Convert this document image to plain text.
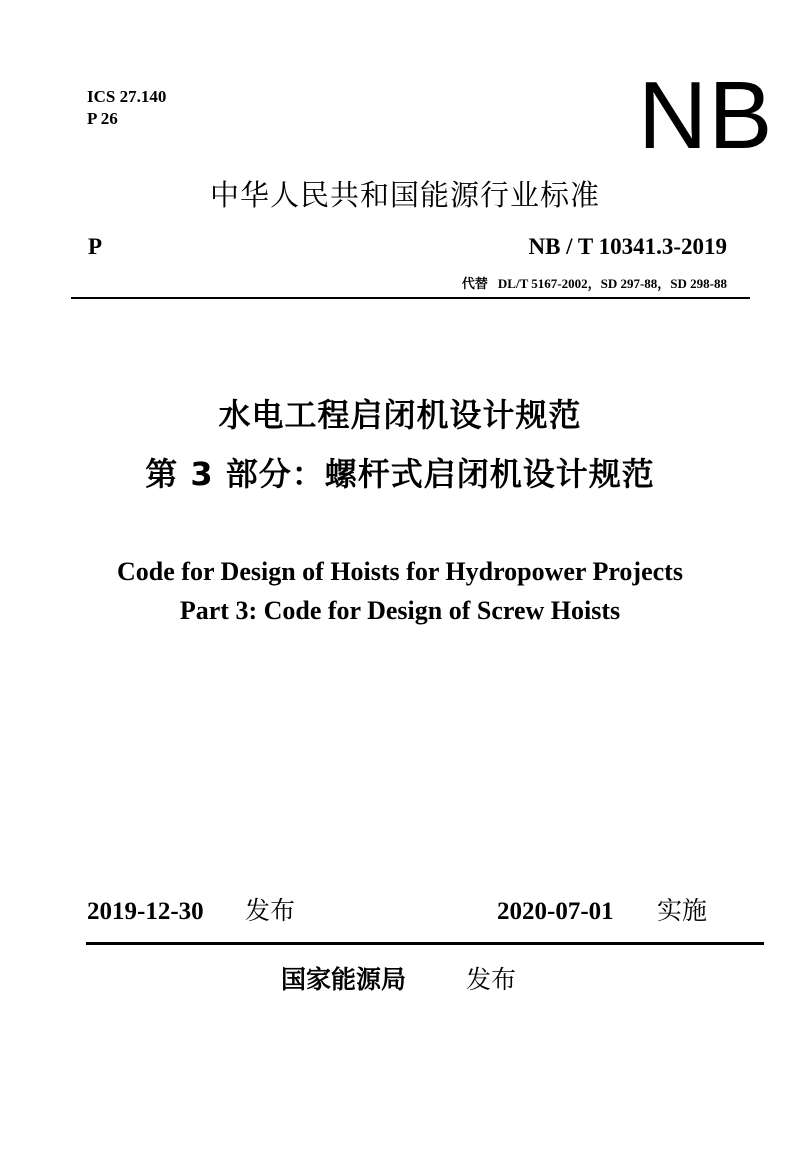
ICS 27.140
P 26	NB
中华人民共和国能源行业标准
P	NB / T 10341.3-2019
代替 DL/T 5167-2002，SD 297-88，SD 298-88
水电工程启闭机设计规范
第 3 部分：螺杆式启闭机设计规范
Code for Design of Hoists for Hydropower Projects
Part 3: Code for Design of Screw Hoists
2019-12-30 发布	2020-07-01 实施
国家能源局 发布
